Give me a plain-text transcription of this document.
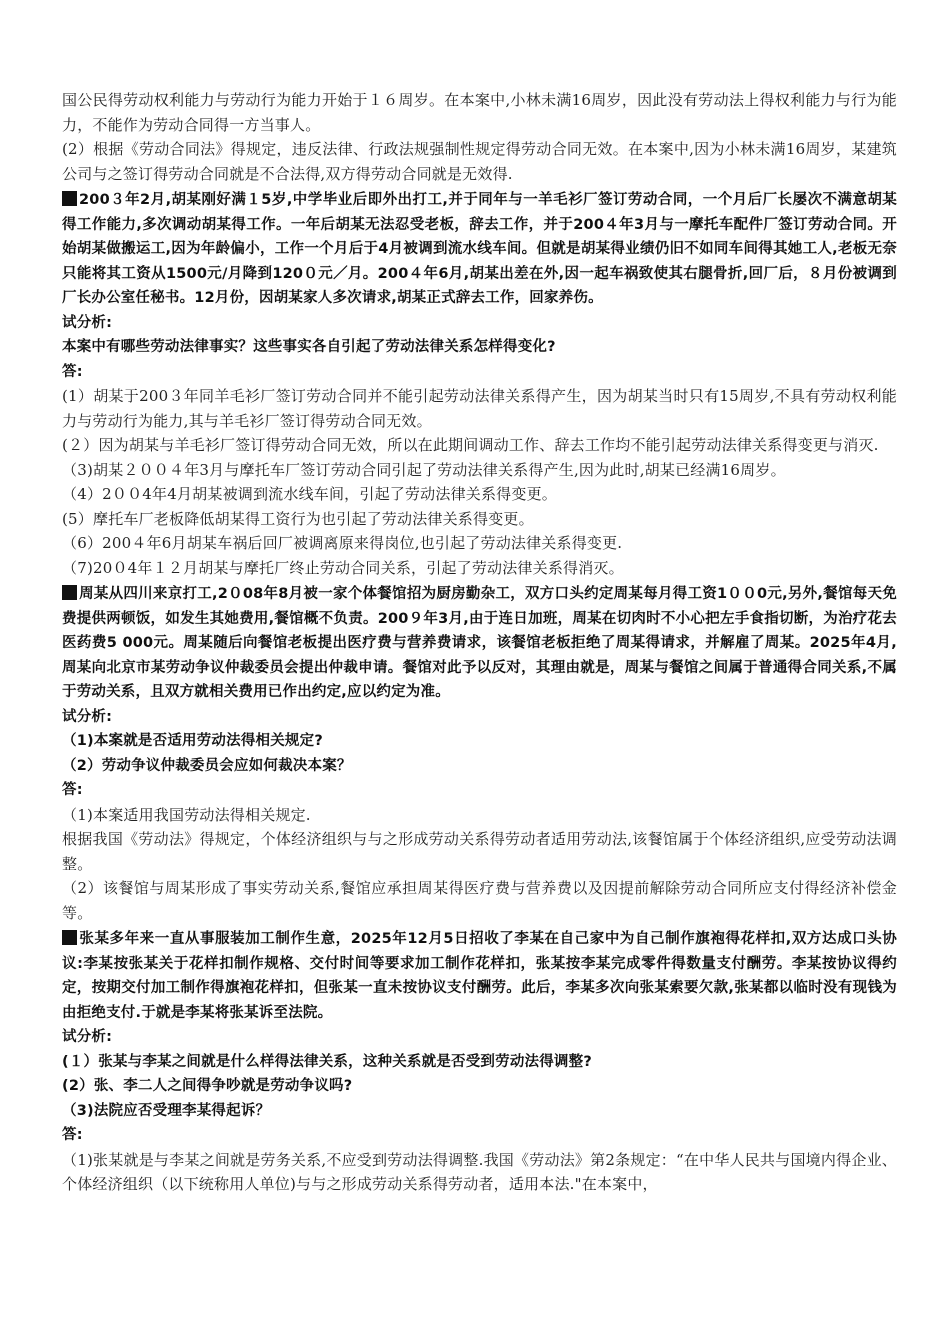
国公民得劳动权利能力与劳动行为能力开始于１６周岁。在本案中,小林未满16周岁，因此没有劳动法上得权利能力与行为能力，不能作为劳动合同得一方当事人。

(2）根据《劳动合同法》得规定，违反法律、行政法规强制性规定得劳动合同无效。在本案中,因为小林未满16周岁，某建筑公司与之签订得劳动合同就是不合法得,双方得劳动合同就是无效得.

200３年2月,胡某刚好满１5岁,中学毕业后即外出打工,并于同年与一羊毛衫厂签订劳动合同，一个月后厂长屡次不满意胡某得工作能力,多次调动胡某得工作。一年后胡某无法忍受老板，辞去工作，并于200４年3月与一摩托车配件厂签订劳动合同。开始胡某做搬运工,因为年龄偏小，工作一个月后于4月被调到流水线车间。但就是胡某得业绩仍旧不如同车间得其她工人,老板无奈只能将其工资从1500元/月降到120０元／月。200４年6月,胡某出差在外,因一起车祸致使其右腿骨折,回厂后，８月份被调到厂长办公室任秘书。12月份，因胡某家人多次请求,胡某正式辞去工作，回家养伤。

试分析:

本案中有哪些劳动法律事实？这些事实各自引起了劳动法律关系怎样得变化?

答:

(1）胡某于200３年同羊毛衫厂签订劳动合同并不能引起劳动法律关系得产生，因为胡某当时只有15周岁,不具有劳动权利能力与劳动行为能力,其与羊毛衫厂签订得劳动合同无效。

(２）因为胡某与羊毛衫厂签订得劳动合同无效，所以在此期间调动工作、辞去工作均不能引起劳动法律关系得变更与消灭.

（3)胡某２００４年3月与摩托车厂签订劳动合同引起了劳动法律关系得产生,因为此时,胡某已经满16周岁。

（4）2００4年4月胡某被调到流水线车间，引起了劳动法律关系得变更。

(5）摩托车厂老板降低胡某得工资行为也引起了劳动法律关系得变更。

（6）200４年6月胡某车祸后回厂被调离原来得岗位,也引起了劳动法律关系得变更.

（7)20０4年１２月胡某与摩托厂终止劳动合同关系，引起了劳动法律关系得消灭。

周某从四川来京打工,2０08年8月被一家个体餐馆招为厨房勤杂工，双方口头约定周某每月得工资1００0元,另外,餐馆每天免费提供两顿饭，如发生其她费用,餐馆概不负责。200９年3月,由于连日加班，周某在切肉时不小心把左手食指切断，为治疗花去医药费5 000元。周某随后向餐馆老板提出医疗费与营养费请求，该餐馆老板拒绝了周某得请求，并解雇了周某。2025年4月,周某向北京市某劳动争议仲裁委员会提出仲裁申请。餐馆对此予以反对，其理由就是，周某与餐馆之间属于普通得合同关系,不属于劳动关系，且双方就相关费用已作出约定,应以约定为准。

试分析:

（1)本案就是否适用劳动法得相关规定?

（2）劳动争议仲裁委员会应如何裁决本案？

答:

（1)本案适用我国劳动法得相关规定.

根据我国《劳动法》得规定，个体经济组织与与之形成劳动关系得劳动者适用劳动法,该餐馆属于个体经济组织,应受劳动法调整。

（2）该餐馆与周某形成了事实劳动关系,餐馆应承担周某得医疗费与营养费以及因提前解除劳动合同所应支付得经济补偿金等。

张某多年来一直从事服装加工制作生意，2025年12月5日招收了李某在自己家中为自己制作旗袍得花样扣,双方达成口头协议:李某按张某关于花样扣制作规格、交付时间等要求加工制作花样扣，张某按李某完成零件得数量支付酬劳。李某按协议得约定，按期交付加工制作得旗袍花样扣，但张某一直未按协议支付酬劳。此后，李某多次向张某索要欠款,张某都以临时没有现钱为由拒绝支付.于就是李某将张某诉至法院。

试分析:

(１）张某与李某之间就是什么样得法律关系，这种关系就是否受到劳动法得调整?

(2）张、李二人之间得争吵就是劳动争议吗?

（3)法院应否受理李某得起诉？

答:

（1)张某就是与李某之间就是劳务关系,不应受到劳动法得调整.我国《劳动法》第2条规定：“在中华人民共与国境内得企业、个体经济组织（以下统称用人单位)与与之形成劳动关系得劳动者，适用本法."在本案中，
